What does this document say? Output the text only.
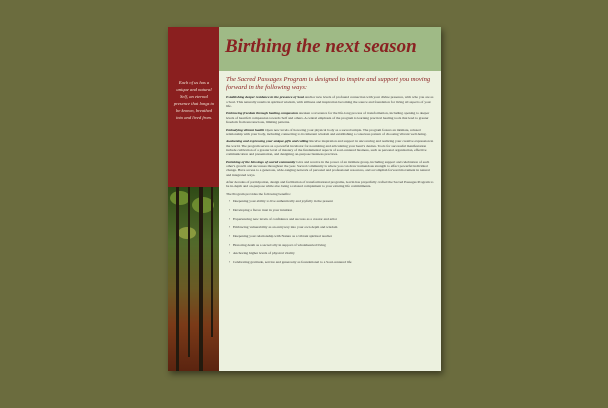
Each of us has a unique and natural Self, an eternal presence that longs to be known, breathed into and lived from.

Birthing the next season

The Sacred Passages Program is designed to inspire and support you moving forward in the following ways:

Establishing deeper residence in the presence of Soul Anchor new levels of profound connection with your divine presence, with who you are as a Soul. This naturally results in spiritual wisdom, with stillness and inspiration becoming the source and foundation for living all aspects of your life.

Embracing freedom through healing compassion Awaken a reverence for the life-long process of transformation, including opening to deeper levels of heartfelt compassion towards Self and others. A central emphasis of the program is learning practical healing tools that lead to greater freedom from unconscious, limiting patterns.

Embodying vibrant health Open new levels of honoring your physical body as a sacred temple. The program fosters an intimate, relaxed relationship with your body, including connecting to its inherent wisdom and establishing a conscious pattern of choosing vibrant well-being.

Awakening and expressing your unique gifts and calling Receive inspiration and support in uncovering and realizing your creative expression in the world. The program serves as a powerful incubator for nourishing and articulating your heart's desires. Tools for successful manifestation include cultivation of a greater level of mastery of the fundamental aspects of soul-centered business, such as personal organization, effective communication and presentation, and designing on-purpose business practices.

Partaking of the blessings of sacred community Give and receive in the power of an intimate group, including support and celebration of each other's growth and successes throughout the year. Sacred community is where you can draw tremendous strength to effect powerful individual change. Have access to a generous, wide-ranging network of personal and professional resources, and accomplish forward movement in natural and integrated ways.

After decades of participation, design and facilitation of transformational programs, Gavin has prayerfully crafted the Sacred Passages Program to be in-depth and on-purpose while also being a relaxed complement to your existing life commitments.

The Program provides the following benefits:

• Deepening your ability to live authentically and joyfully in the present
• Developing a fierce trust in your intuition
• Experiencing new levels of confidence and success as a creator and artist
• Embracing vulnerability as an entryway into your own depth and wisdom
• Deepening your relationship with Nature as a vibrant spiritual teacher
• Honoring death as a sacred ally in support of wholehearted living
• Anchoring higher levels of physical vitality
• Celebrating gratitude, service and generosity as foundational to a Soul-centered life
